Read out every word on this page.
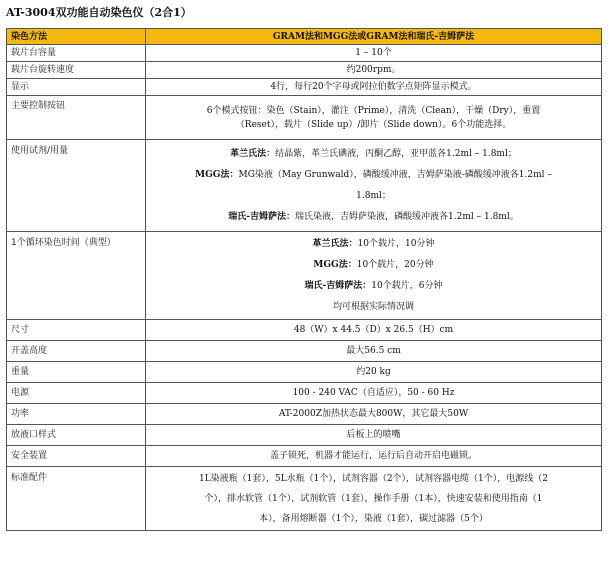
AT-3004双功能自动染色仪（2合1）
染色方法	GRAM法和MGG法或GRAM法和瑞氏-吉姆萨法
载片台容量	1 – 10个
载片台旋转速度	约200rpm。
显示	4行，每行20个字母或阿拉伯数字点矩阵显示模式。
主要控制按钮	6个模式按钮：染色（Stain），灌注（Prime），清洗（Clean），干燥（Dry），重置
（Reset），载片（Slide up）/卸片（Slide down）。6个功能选择。

使用试剂/用量	革兰氏法：结晶紫，革兰氏碘液，丙酮乙醇，亚甲蓝各1.2ml – 1.8ml；
MGG法：MG染液（May Grunwald），磷酸缓冲液，吉姆萨染液-磷酸缓冲液各1.2ml –
1.8ml；
瑞氏-吉姆萨法：瑞氏染液，吉姆萨染液，磷酸缓冲液各1.2ml – 1.8ml。

1个循环染色时间（典型）	革兰氏法：10个载片，10分钟
MGG法：10个载片，20分钟
瑞氏-吉姆萨法：10个载片，6分钟
均可根据实际情况调

尺寸	48（W）x 44.5（D）x 26.5（H）cm
开盖高度	最大56.5 cm
重量	约20 kg
电源	100 - 240 VAC（自适应），50 - 60 Hz
功率	AT-2000Z加热状态最大800W，其它最大50W
放液口样式	后板上的喷嘴
安全装置	盖子锁死，机器才能运行，运行后自动开启电磁锁。
标准配件	1L染液瓶（1套），5L水瓶（1个），试剂容器（2个），试剂容器电缆（1个），电源线（2
个），排水软管（1个），试剂软管（1套），操作手册（1本），快速安装和使用指南（1
本），备用熔断器（1个），染液（1套），碳过滤器（5个）
